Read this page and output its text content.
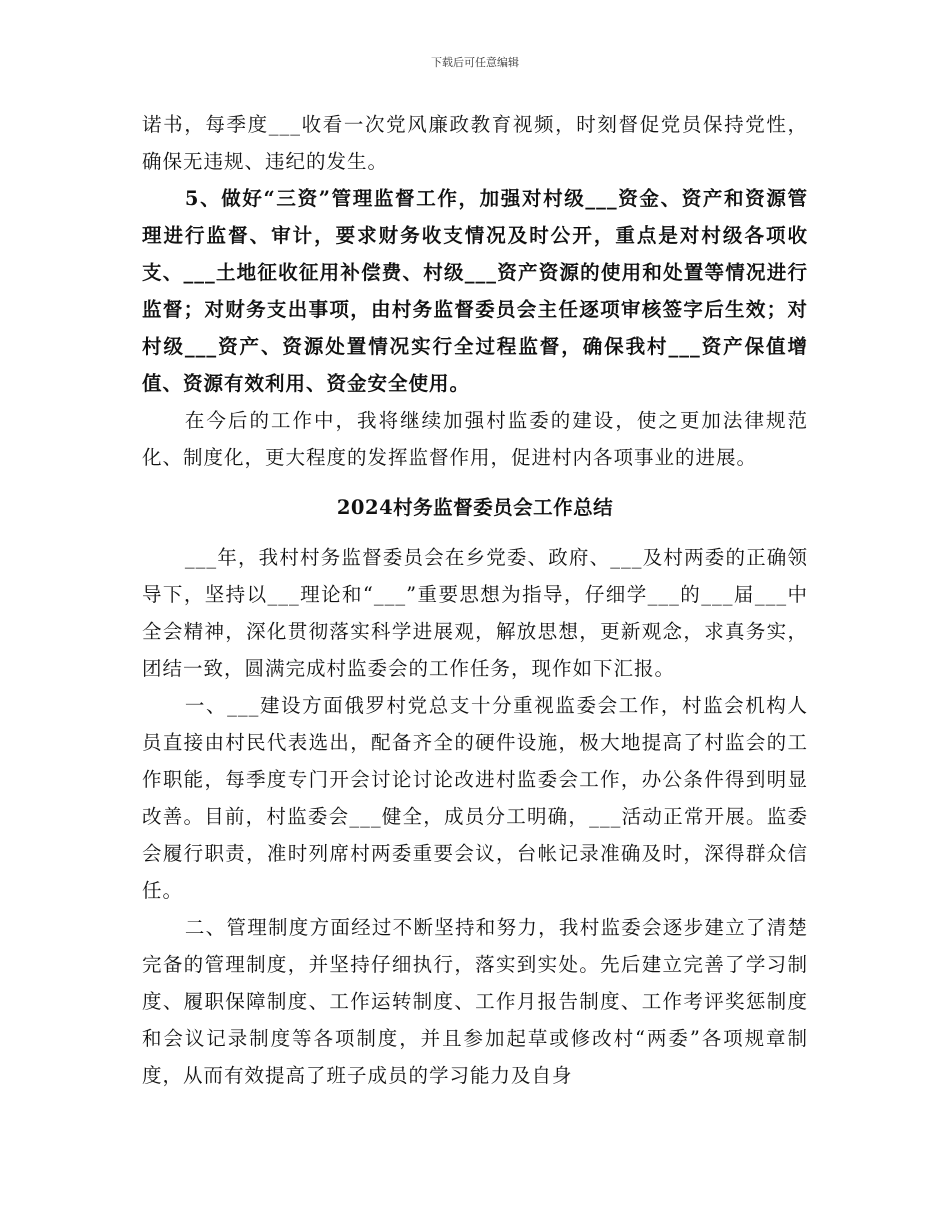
下载后可任意编辑

诺书，每季度___收看一次党风廉政教育视频，时刻督促党员保持党性，确保无违规、违纪的发生。

5、做好“三资”管理监督工作，加强对村级___资金、资产和资源管理进行监督、审计，要求财务收支情况及时公开，重点是对村级各项收支、___土地征收征用补偿费、村级___资产资源的使用和处置等情况进行监督；对财务支出事项，由村务监督委员会主任逐项审核签字后生效；对村级___资产、资源处置情况实行全过程监督，确保我村___资产保值增值、资源有效利用、资金安全使用。

在今后的工作中，我将继续加强村监委的建设，使之更加法律规范化、制度化，更大程度的发挥监督作用，促进村内各项事业的进展。

2024村务监督委员会工作总结

___年，我村村务监督委员会在乡党委、政府、___及村两委的正确领导下，坚持以___理论和“___”重要思想为指导，仔细学___的___届___中全会精神，深化贯彻落实科学进展观，解放思想，更新观念，求真务实，团结一致，圆满完成村监委会的工作任务，现作如下汇报。

一、___建设方面俄罗村党总支十分重视监委会工作，村监会机构人员直接由村民代表选出，配备齐全的硬件设施，极大地提高了村监会的工作职能，每季度专门开会讨论讨论改进村监委会工作，办公条件得到明显改善。目前，村监委会___健全，成员分工明确，___活动正常开展。监委会履行职责，准时列席村两委重要会议，台帐记录准确及时，深得群众信任。

二、管理制度方面经过不断坚持和努力，我村监委会逐步建立了清楚完备的管理制度，并坚持仔细执行，落实到实处。先后建立完善了学习制度、履职保障制度、工作运转制度、工作月报告制度、工作考评奖惩制度和会议记录制度等各项制度，并且参加起草或修改村“两委”各项规章制度，从而有效提高了班子成员的学习能力及自身
